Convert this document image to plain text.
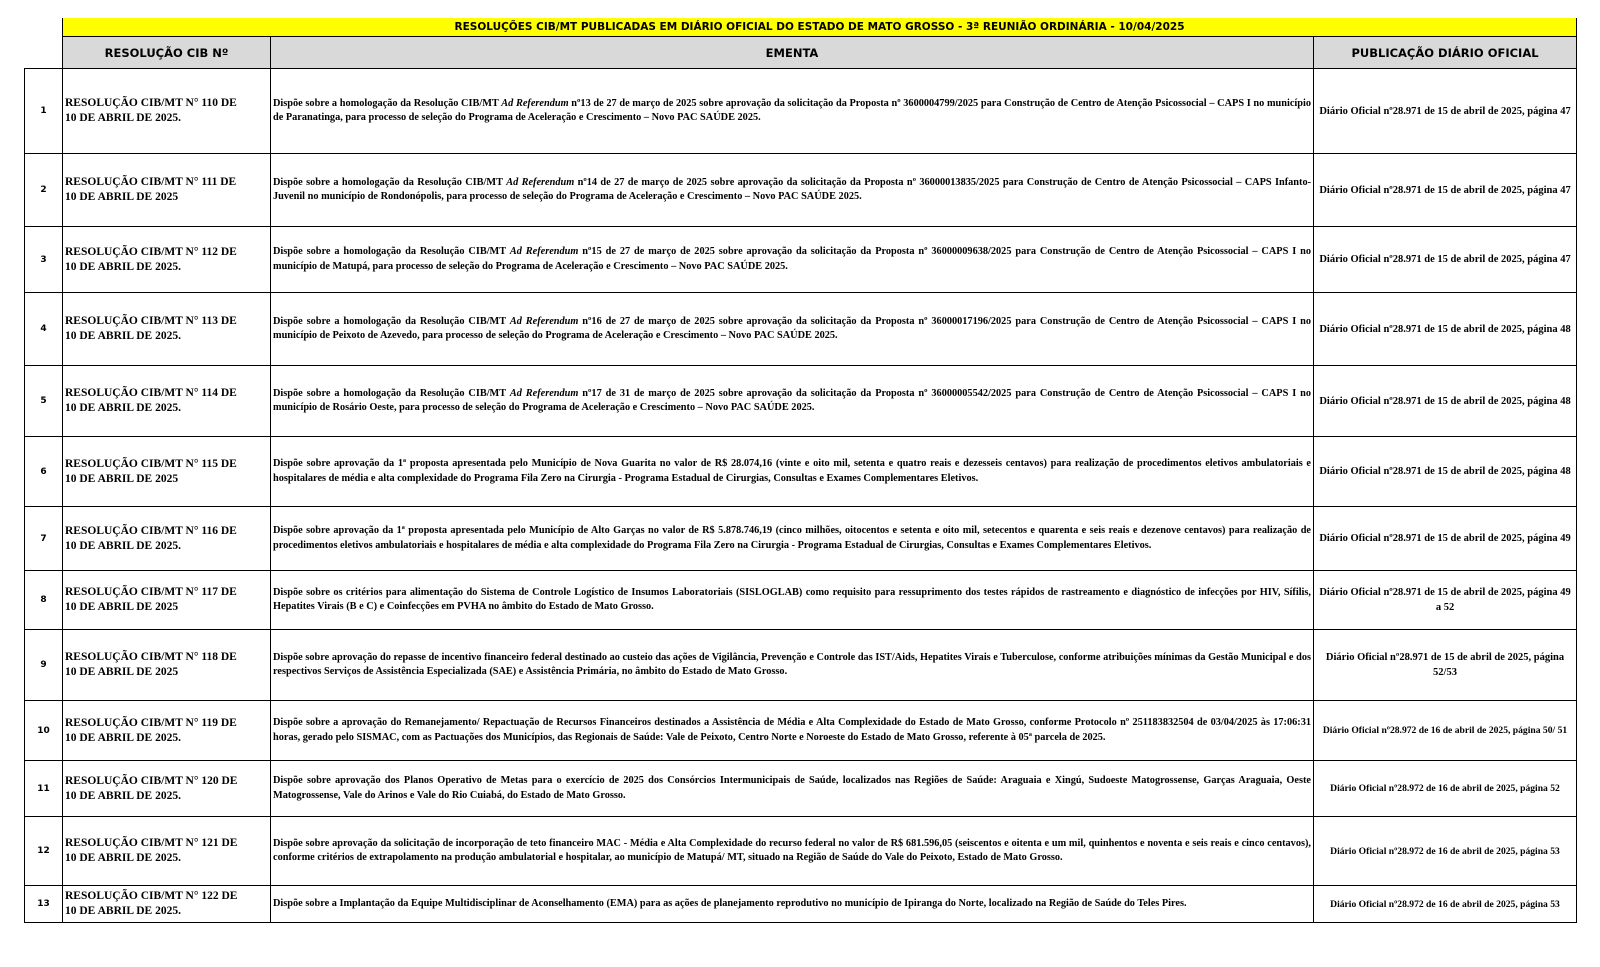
	RESOLUÇÕES CIB/MT PUBLICADAS EM DIÁRIO OFICIAL DO ESTADO DE MATO GROSSO - 3ª REUNIÃO ORDINÁRIA - 10/04/2025		
	RESOLUÇÃO CIB Nº	EMENTA	PUBLICAÇÃO DIÁRIO OFICIAL
1	RESOLUÇÃO CIB/MT N° 110 DE
10 DE ABRIL DE 2025.	Dispõe sobre a homologação da Resolução CIB/MT Ad Referendum nº13 de 27 de março de 2025 sobre aprovação da solicitação da Proposta nº 3600004799/2025 para Construção de Centro de Atenção Psicossocial – CAPS I no município de Paranatinga, para processo de seleção do Programa de Aceleração e Crescimento – Novo PAC SAÚDE 2025.	Diário Oficial nº28.971 de 15 de abril de 2025, página 47
2	RESOLUÇÃO CIB/MT N° 111 DE
10 DE ABRIL DE 2025	Dispõe sobre a homologação da Resolução CIB/MT Ad Referendum nº14 de 27 de março de 2025 sobre aprovação da solicitação da Proposta nº 36000013835/2025 para Construção de Centro de Atenção Psicossocial – CAPS Infanto-Juvenil no município de Rondonópolis, para processo de seleção do Programa de Aceleração e Crescimento – Novo PAC SAÚDE 2025.	Diário Oficial nº28.971 de 15 de abril de 2025, página 47
3	RESOLUÇÃO CIB/MT N° 112 DE
10 DE ABRIL DE 2025.	Dispõe sobre a homologação da Resolução CIB/MT Ad Referendum nº15 de 27 de março de 2025 sobre aprovação da solicitação da Proposta nº 36000009638/2025 para Construção de Centro de Atenção Psicossocial – CAPS I no município de Matupá, para processo de seleção do Programa de Aceleração e Crescimento – Novo PAC SAÚDE 2025.	Diário Oficial nº28.971 de 15 de abril de 2025, página 47
4	RESOLUÇÃO CIB/MT N° 113 DE
10 DE ABRIL DE 2025.	Dispõe sobre a homologação da Resolução CIB/MT Ad Referendum nº16 de 27 de março de 2025 sobre aprovação da solicitação da Proposta nº 36000017196/2025 para Construção de Centro de Atenção Psicossocial – CAPS I no município de Peixoto de Azevedo, para processo de seleção do Programa de Aceleração e Crescimento – Novo PAC SAÚDE 2025.	Diário Oficial nº28.971 de 15 de abril de 2025, página 48
5	RESOLUÇÃO CIB/MT N° 114 DE
10 DE ABRIL DE 2025.	Dispõe sobre a homologação da Resolução CIB/MT Ad Referendum nº17 de 31 de março de 2025 sobre aprovação da solicitação da Proposta nº 36000005542/2025 para Construção de Centro de Atenção Psicossocial – CAPS I no município de Rosário Oeste, para processo de seleção do Programa de Aceleração e Crescimento – Novo PAC SAÚDE 2025.	Diário Oficial nº28.971 de 15 de abril de 2025, página 48
6	RESOLUÇÃO CIB/MT N° 115 DE
10 DE ABRIL DE 2025	Dispõe sobre aprovação da 1ª proposta apresentada pelo Município de Nova Guarita no valor de R$ 28.074,16 (vinte e oito mil, setenta e quatro reais e dezesseis centavos) para realização de procedimentos eletivos ambulatoriais e hospitalares de média e alta complexidade do Programa Fila Zero na Cirurgia - Programa Estadual de Cirurgias, Consultas e Exames Complementares Eletivos.	Diário Oficial nº28.971 de 15 de abril de 2025, página 48
7	RESOLUÇÃO CIB/MT N° 116 DE
10 DE ABRIL DE 2025.	Dispõe sobre aprovação da 1ª proposta apresentada pelo Município de Alto Garças no valor de R$ 5.878.746,19 (cinco milhões, oitocentos e setenta e oito mil, setecentos e quarenta e seis reais e dezenove centavos) para realização de procedimentos eletivos ambulatoriais e hospitalares de média e alta complexidade do Programa Fila Zero na Cirurgia - Programa Estadual de Cirurgias, Consultas e Exames Complementares Eletivos.	Diário Oficial nº28.971 de 15 de abril de 2025, página 49
8	RESOLUÇÃO CIB/MT N° 117 DE
10 DE ABRIL DE 2025	Dispõe sobre os critérios para alimentação do Sistema de Controle Logístico de Insumos Laboratoriais (SISLOGLAB) como requisito para ressuprimento dos testes rápidos de rastreamento e diagnóstico de infecções por HIV, Sífilis, Hepatites Virais (B e C) e Coinfecções em PVHA no âmbito do Estado de Mato Grosso.	Diário Oficial nº28.971 de 15 de abril de 2025, página 49 a 52
9	RESOLUÇÃO CIB/MT N° 118 DE
10 DE ABRIL DE 2025	Dispõe sobre aprovação do repasse de incentivo financeiro federal destinado ao custeio das ações de Vigilância, Prevenção e Controle das IST/Aids, Hepatites Virais e Tuberculose, conforme atribuições mínimas da Gestão Municipal e dos respectivos Serviços de Assistência Especializada (SAE) e Assistência Primária, no âmbito do Estado de Mato Grosso.	Diário Oficial nº28.971 de 15 de abril de 2025, página 52/53
10	RESOLUÇÃO CIB/MT N° 119 DE
10 DE ABRIL DE 2025.	Dispõe sobre a aprovação do Remanejamento/ Repactuação de Recursos Financeiros destinados a Assistência de Média e Alta Complexidade do Estado de Mato Grosso, conforme Protocolo nº 251183832504 de 03/04/2025 às 17:06:31 horas, gerado pelo SISMAC, com as Pactuações dos Municípios, das Regionais de Saúde: Vale de Peixoto, Centro Norte e Noroeste do Estado de Mato Grosso, referente à 05ª parcela de 2025.	Diário Oficial nº28.972 de 16 de abril de 2025, página 50/ 51
11	RESOLUÇÃO CIB/MT N° 120 DE
10 DE ABRIL DE 2025.	Dispõe sobre aprovação dos Planos Operativo de Metas para o exercício de 2025 dos Consórcios Intermunicipais de Saúde, localizados nas Regiões de Saúde: Araguaia e Xingú, Sudoeste Matogrossense, Garças Araguaia, Oeste Matogrossense, Vale do Arinos e Vale do Rio Cuiabá, do Estado de Mato Grosso.	Diário Oficial nº28.972 de 16 de abril de 2025, página 52
12	RESOLUÇÃO CIB/MT N° 121 DE
10 DE ABRIL DE 2025.	Dispõe sobre aprovação da solicitação de incorporação de teto financeiro MAC - Média e Alta Complexidade do recurso federal no valor de R$ 681.596,05 (seiscentos e oitenta e um mil, quinhentos e noventa e seis reais e cinco centavos), conforme critérios de extrapolamento na produção ambulatorial e hospitalar, ao município de Matupá/ MT, situado na Região de Saúde do Vale do Peixoto, Estado de Mato Grosso.	Diário Oficial nº28.972 de 16 de abril de 2025, página 53
13	RESOLUÇÃO CIB/MT N° 122 DE
10 DE ABRIL DE 2025.	Dispõe sobre a Implantação da Equipe Multidisciplinar de Aconselhamento (EMA) para as ações de planejamento reprodutivo no município de Ipiranga do Norte, localizado na Região de Saúde do Teles Pires.	Diário Oficial nº28.972 de 16 de abril de 2025, página 53
